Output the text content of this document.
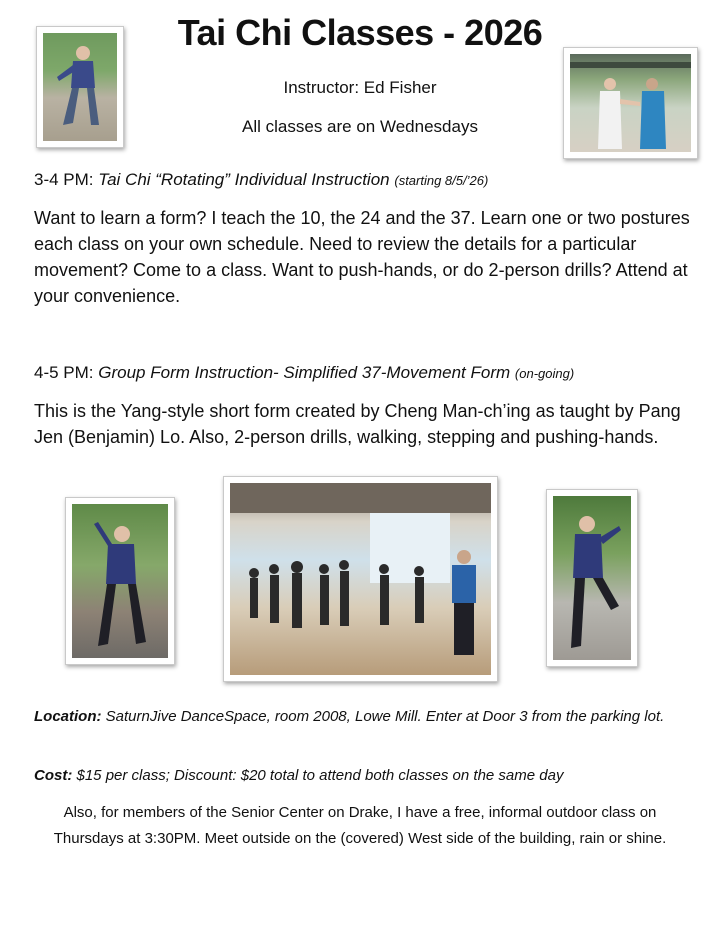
Tai Chi Classes - 2026
Instructor: Ed Fisher
All classes are on Wednesdays
3-4 PM: Tai Chi “Rotating” Individual Instruction (starting 8/5/’26)
Want to learn a form? I teach the 10, the 24 and the 37. Learn one or two postures each class on your own schedule. Need to review the details for a particular movement? Come to a class. Want to push-hands, or do 2-person drills? Attend at your convenience.
4-5 PM: Group Form Instruction- Simplified 37-Movement Form (on-going)
This is the Yang-style short form created by Cheng Man-ch’ing as taught by Pang Jen (Benjamin) Lo. Also, 2-person drills, walking, stepping and pushing-hands.
Location: SaturnJive DanceSpace, room 2008, Lowe Mill. Enter at Door 3 from the parking lot.
Cost: $15 per class; Discount: $20 total to attend both classes on the same day
Also, for members of the Senior Center on Drake, I have a free, informal outdoor class on Thursdays at 3:30PM. Meet outside on the (covered) West side of the building, rain or shine.
